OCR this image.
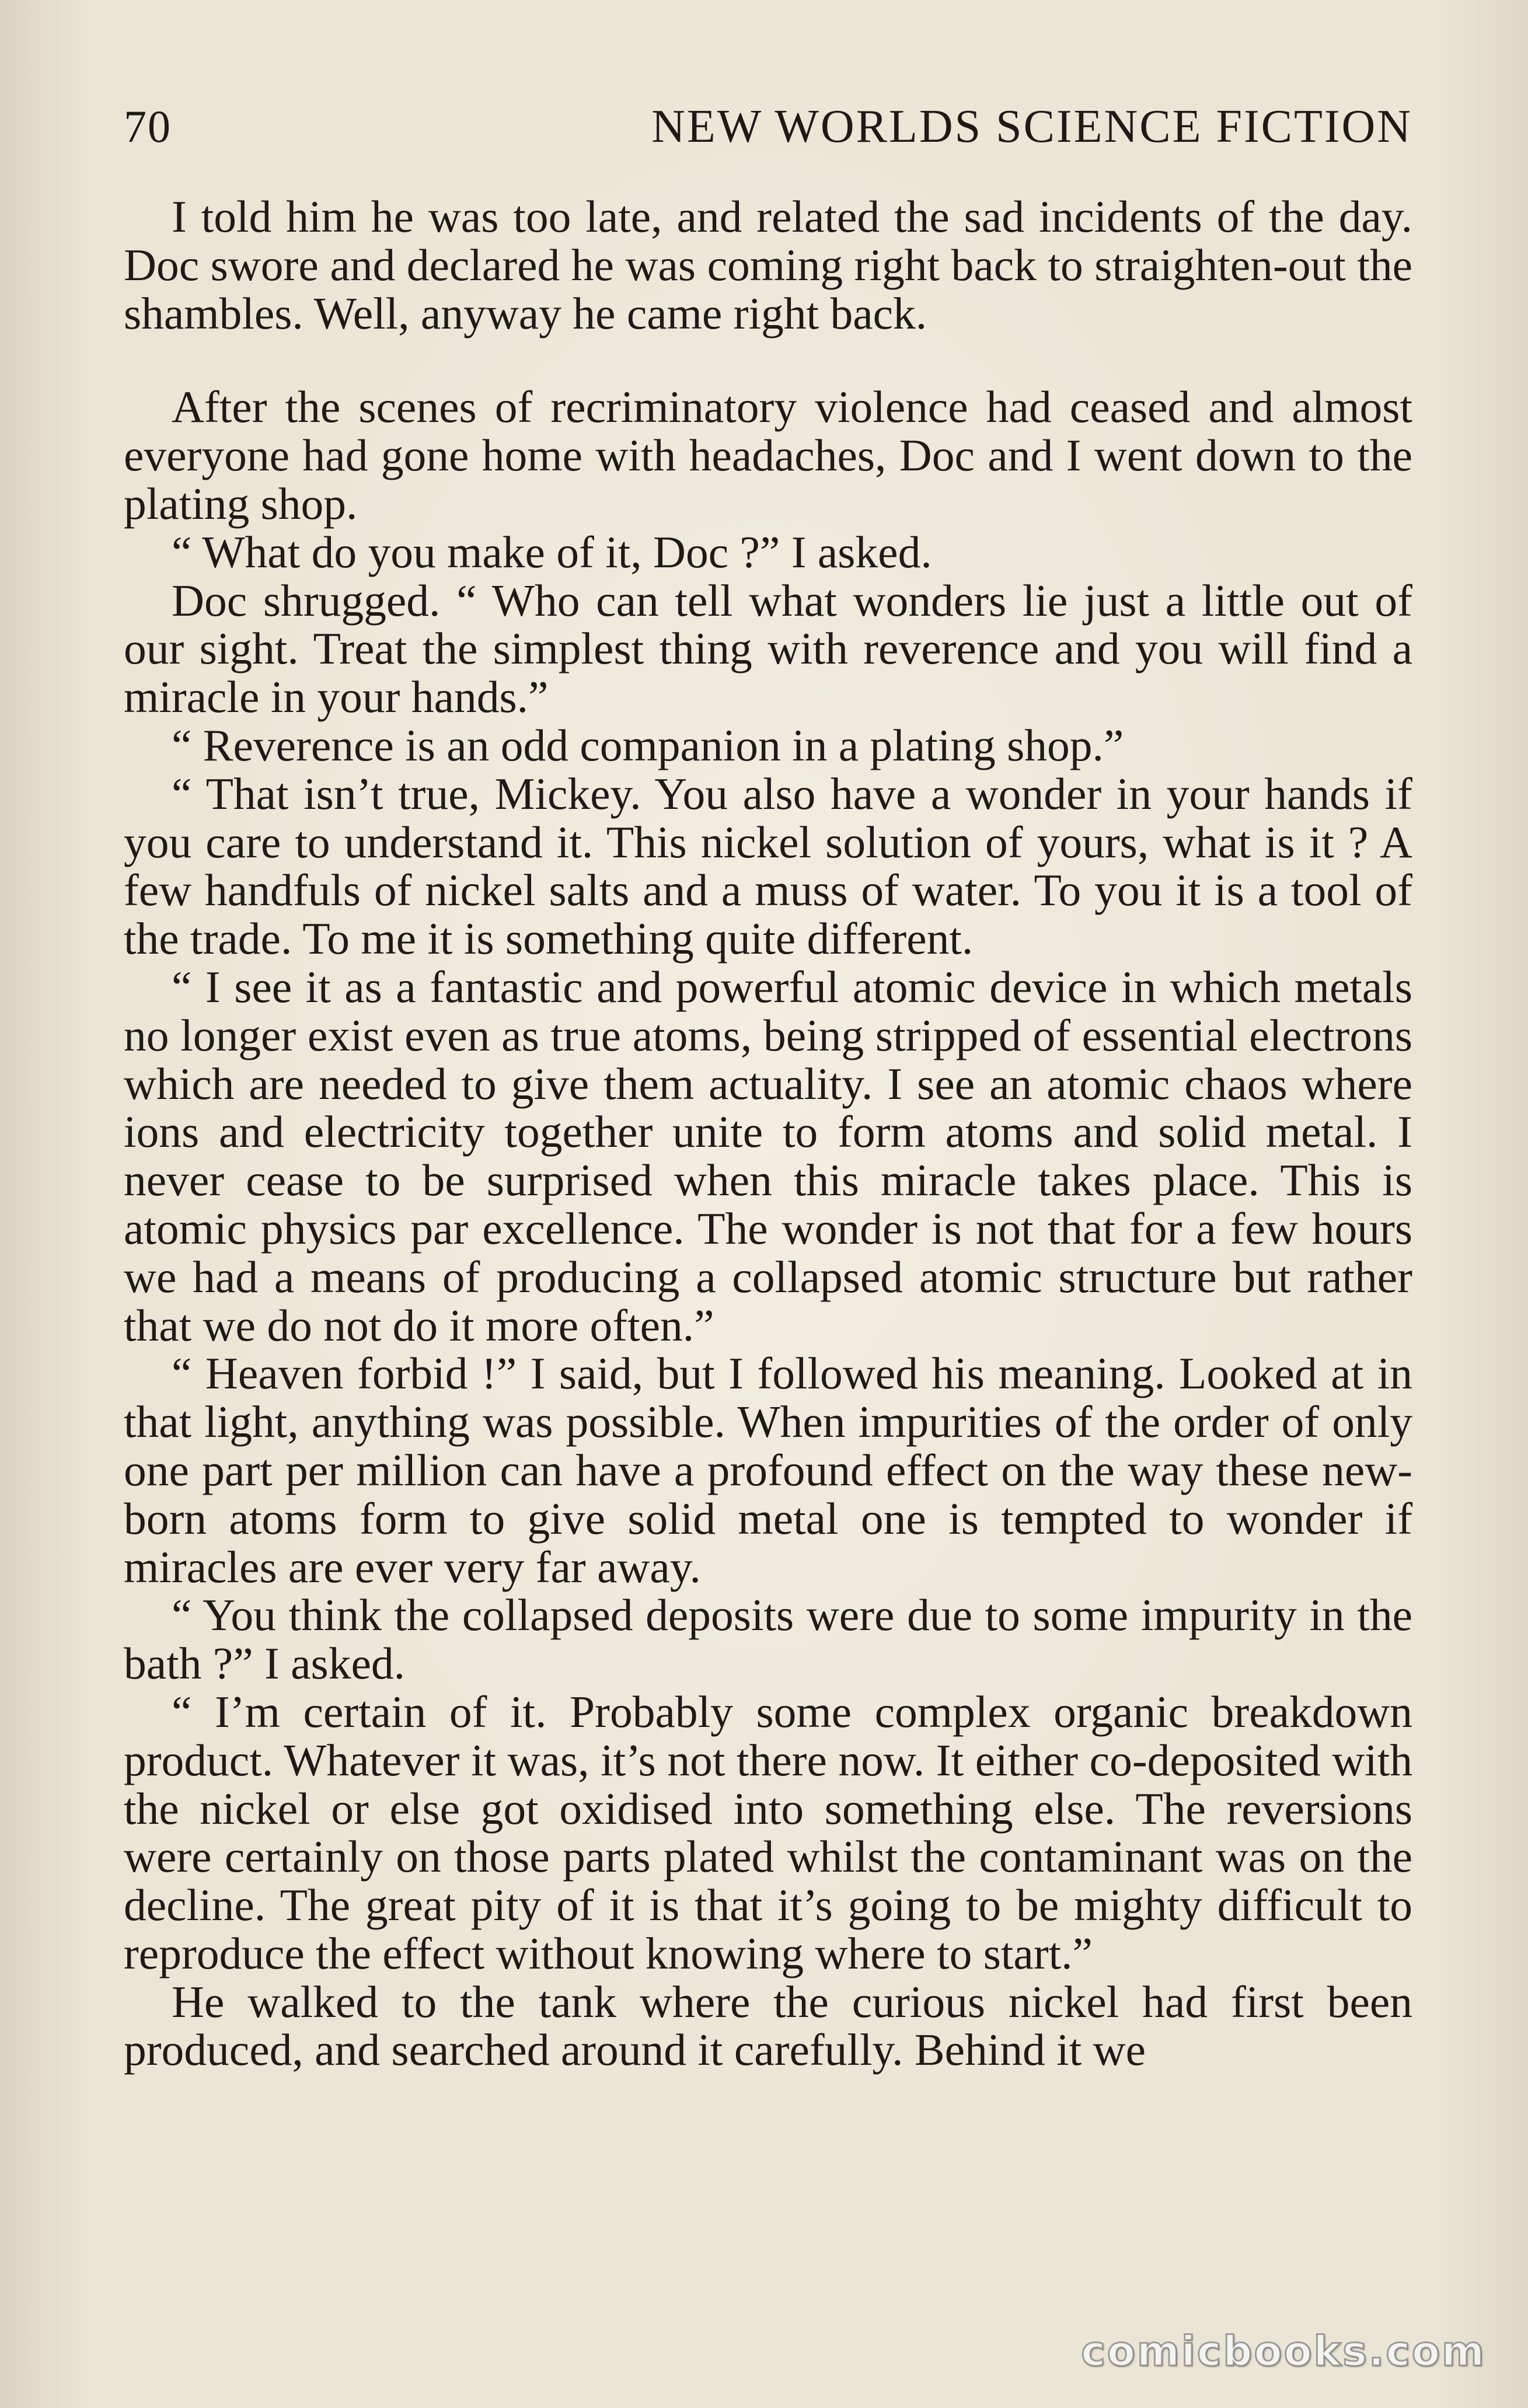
70	NEW WORLDS SCIENCE FICTION

I told him he was too late, and related the sad incidents of the day. Doc swore and declared he was coming right back to straighten-out the shambles. Well, anyway he came right back.

After the scenes of recriminatory violence had ceased and almost everyone had gone home with headaches, Doc and I went down to the plating shop.

“ What do you make of it, Doc ?” I asked.

Doc shrugged. “ Who can tell what wonders lie just a little out of our sight. Treat the simplest thing with reverence and you will find a miracle in your hands.”

“ Reverence is an odd companion in a plating shop.”

“ That isn’t true, Mickey. You also have a wonder in your hands if you care to understand it. This nickel solution of yours, what is it ? A few handfuls of nickel salts and a muss of water. To you it is a tool of the trade. To me it is something quite different.

“ I see it as a fantastic and powerful atomic device in which metals no longer exist even as true atoms, being stripped of essential electrons which are needed to give them actuality. I see an atomic chaos where ions and electricity together unite to form atoms and solid metal. I never cease to be surprised when this miracle takes place. This is atomic physics par excellence. The wonder is not that for a few hours we had a means of producing a collapsed atomic structure but rather that we do not do it more often.”

“ Heaven forbid !” I said, but I followed his meaning. Looked at in that light, anything was possible. When impurities of the order of only one part per million can have a profound effect on the way these new-born atoms form to give solid metal one is tempted to wonder if miracles are ever very far away.

“ You think the collapsed deposits were due to some impurity in the bath ?” I asked.

“ I’m certain of it. Probably some complex organic breakdown product. Whatever it was, it’s not there now. It either co-deposited with the nickel or else got oxidised into something else. The reversions were certainly on those parts plated whilst the contaminant was on the decline. The great pity of it is that it’s going to be mighty difficult to reproduce the effect without knowing where to start.”

He walked to the tank where the curious nickel had first been produced, and searched around it carefully. Behind it we

comicbooks.com
